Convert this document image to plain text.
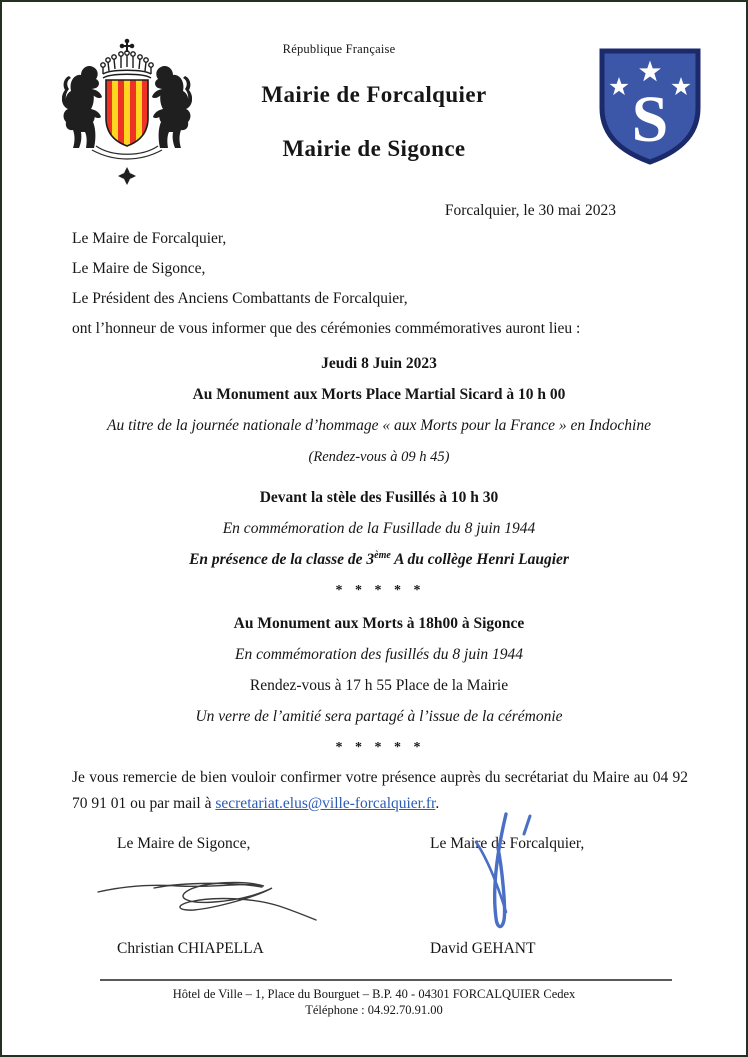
S
République Française
Mairie de Forcalquier
Mairie de Sigonce
Forcalquier, le 30 mai 2023

Le Maire de Forcalquier,

Le Maire de Sigonce,

Le Président des Anciens Combattants de Forcalquier,

ont l’honneur de vous informer que des cérémonies commémoratives auront lieu :

Jeudi 8 Juin 2023

Au Monument aux Morts Place Martial Sicard à 10 h 00

Au titre de la journée nationale d’hommage « aux Morts pour la France » en Indochine

(Rendez-vous à 09 h 45)

Devant la stèle des Fusillés à 10 h 30

En commémoration de la Fusillade du 8 juin 1944

En présence de la classe de 3ème A du collège Henri Laugier

* * * * *

Au Monument aux Morts à 18h00 à Sigonce

En commémoration des fusillés du 8 juin 1944

Rendez-vous à 17 h 55 Place de la Mairie

Un verre de l’amitié sera partagé à l’issue de la cérémonie

* * * * *

Je vous remercie de bien vouloir confirmer votre présence auprès du secrétariat du Maire au 04 92 70 91 01 ou par mail à secretariat.elus@ville-forcalquier.fr.
Le Maire de Sigonce,	Le Maire de Forcalquier,
Christian CHIAPELLA	David GEHANT
Hôtel de Ville – 1, Place du Bourguet – B.P. 40 - 04301 FORCALQUIER Cedex
Téléphone : 04.92.70.91.00
